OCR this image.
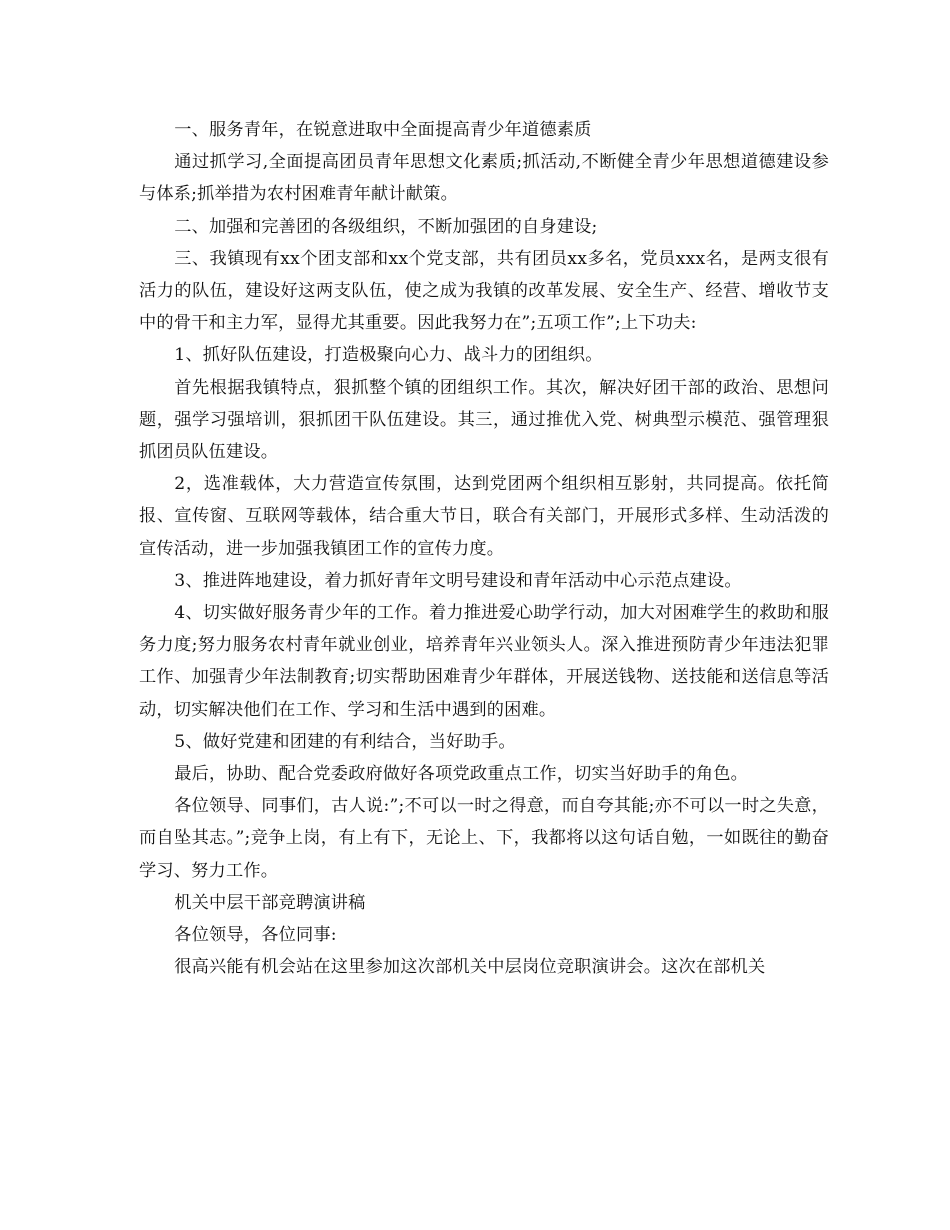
一、服务青年，在锐意进取中全面提高青少年道德素质

通过抓学习,全面提高团员青年思想文化素质;抓活动,不断健全青少年思想道德建设参与体系;抓举措为农村困难青年献计献策。

二、加强和完善团的各级组织，不断加强团的自身建设;

三、我镇现有xx个团支部和xx个党支部，共有团员xx多名，党员xxx名，是两支很有活力的队伍，建设好这两支队伍，使之成为我镇的改革发展、安全生产、经营、增收节支中的骨干和主力军，显得尤其重要。因此我努力在”;五项工作”;上下功夫:

1、抓好队伍建设，打造极聚向心力、战斗力的团组织。

首先根据我镇特点，狠抓整个镇的团组织工作。其次，解决好团干部的政治、思想问题，强学习强培训，狠抓团干队伍建设。其三，通过推优入党、树典型示模范、强管理狠抓团员队伍建设。

2，选准载体，大力营造宣传氛围，达到党团两个组织相互影射，共同提高。依托简报、宣传窗、互联网等载体，结合重大节日，联合有关部门，开展形式多样、生动活泼的宣传活动，进一步加强我镇团工作的宣传力度。

3、推进阵地建设，着力抓好青年文明号建设和青年活动中心示范点建设。

4、切实做好服务青少年的工作。着力推进爱心助学行动，加大对困难学生的救助和服务力度;努力服务农村青年就业创业，培养青年兴业领头人。深入推进预防青少年违法犯罪工作、加强青少年法制教育;切实帮助困难青少年群体，开展送钱物、送技能和送信息等活动，切实解决他们在工作、学习和生活中遇到的困难。

5、做好党建和团建的有利结合，当好助手。

最后，协助、配合党委政府做好各项党政重点工作，切实当好助手的角色。

各位领导、同事们，古人说:”;不可以一时之得意，而自夸其能;亦不可以一时之失意，而自坠其志。”;竞争上岗，有上有下，无论上、下，我都将以这句话自勉，一如既往的勤奋学习、努力工作。

机关中层干部竞聘演讲稿

各位领导，各位同事:

很高兴能有机会站在这里参加这次部机关中层岗位竞职演讲会。这次在部机关
